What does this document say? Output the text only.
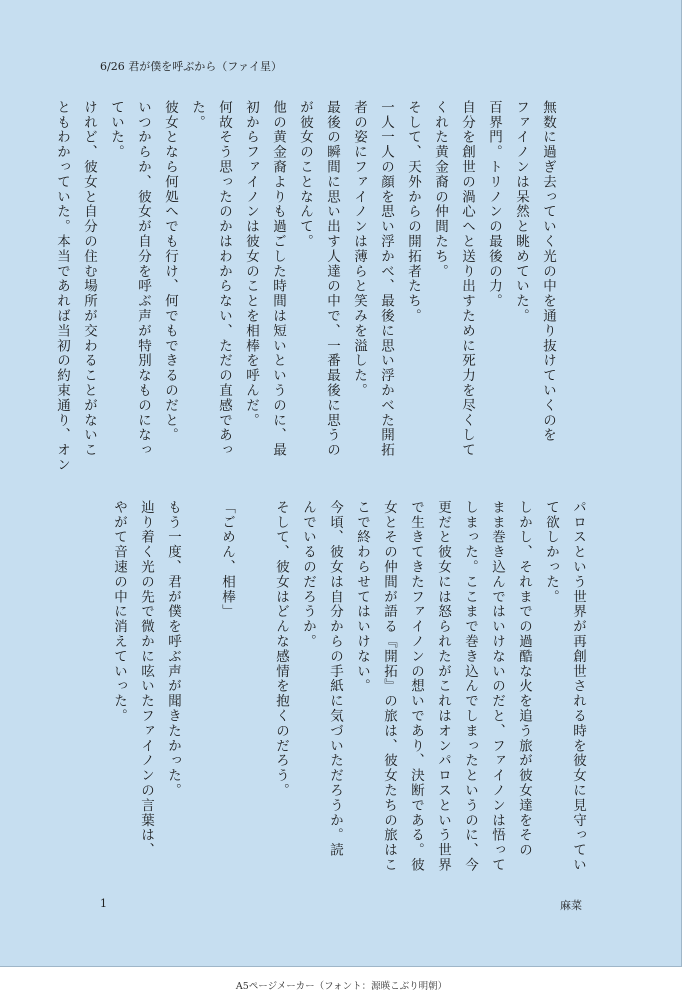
6/26 君が僕を呼ぶから（ファイ星）
無数に過ぎ去っていく光の中を通り抜けていくのを
ファイノンは呆然と眺めていた。
百界門。トリノンの最後の力。
自分を創世の渦心へと送り出すために死力を尽くして
くれた黄金裔の仲間たち。
そして、天外からの開拓者たち。
一人一人の顔を思い浮かべ、最後に思い浮かべた開拓
者の姿にファイノンは薄らと笑みを溢した。
最後の瞬間に思い出す人達の中で、一番最後に思うの
が彼女のことなんて。
他の黄金裔よりも過ごした時間は短いというのに、最
初からファイノンは彼女のことを相棒を呼んだ。
何故そう思ったのかはわからない、ただの直感であっ
た。
彼女となら何処へでも行け、何でもできるのだと。
いつからか、彼女が自分を呼ぶ声が特別なものになっ
ていた。
けれど、彼女と自分の住む場所が交わることがないこ
ともわかっていた。本当であれば当初の約束通り、オン
パロスという世界が再創世される時を彼女に見守ってい
て欲しかった。
しかし、それまでの過酷な火を追う旅が彼女達をその
まま巻き込んではいけないのだと、ファイノンは悟って
しまった。ここまで巻き込んでしまったというのに、今
更だと彼女には怒られたがこれはオンパロスという世界
で生きてきたファイノンの想いであり、決断である。彼
女とその仲間が語る『開拓』の旅は、彼女たちの旅はこ
こで終わらせてはいけない。
今頃、彼女は自分からの手紙に気づいただろうか。読
んでいるのだろうか。
そして、彼女はどんな感情を抱くのだろう。

「ごめん、相棒」

もう一度、君が僕を呼ぶ声が聞きたかった。
辿り着く光の先で微かに呟いたファイノンの言葉は、
やがて音速の中に消えていった。
1	麻菜
A5ページメーカー（フォント：源暎こぶり明朝）
